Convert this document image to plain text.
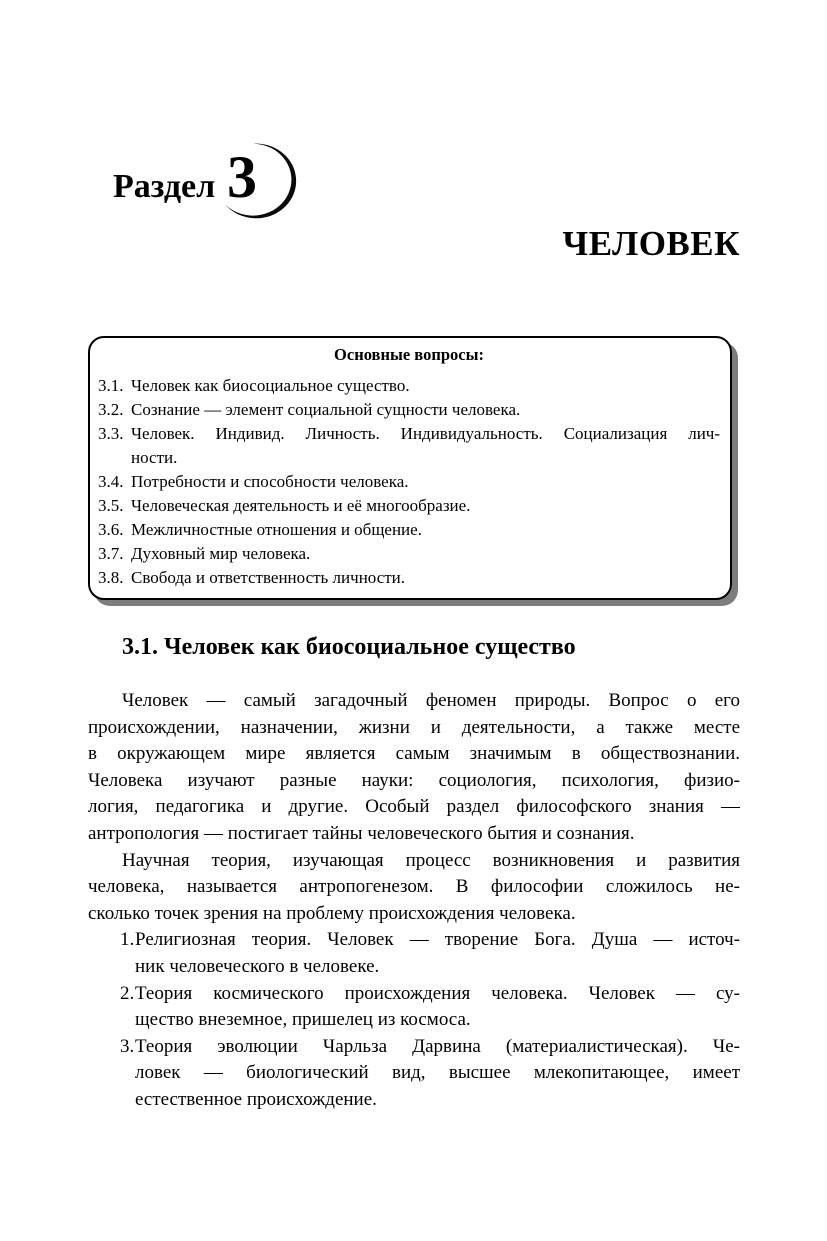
Раздел 3
ЧЕЛОВЕК
Основные вопросы:
3.1. Человек как биосоциальное существо.
3.2. Сознание — элемент социальной сущности человека.
3.3. Человек. Индивид. Личность. Индивидуальность. Социализация лич-
ности.
3.4. Потребности и способности человека.
3.5. Человеческая деятельность и её многообразие.
3.6. Межличностные отношения и общение.
3.7. Духовный мир человека.
3.8. Свобода и ответственность личности.
3.1. Человек как биосоциальное существо
Человек — самый загадочный феномен природы. Вопрос о его
происхождении, назначении, жизни и деятельности, а также месте
в окружающем мире является самым значимым в обществознании.
Человека изучают разные науки: социология, психология, физио-
логия, педагогика и другие. Особый раздел философского знания —
антропология — постигает тайны человеческого бытия и сознания.
Научная теория, изучающая процесс возникновения и развития
человека, называется антропогенезом. В философии сложилось не-
сколько точек зрения на проблему происхождения человека.
1. Религиозная теория. Человек — творение Бога. Душа — источ-
ник человеческого в человеке.
2. Теория космического происхождения человека. Человек — су-
щество внеземное, пришелец из космоса.
3. Теория эволюции Чарльза Дарвина (материалистическая). Че-
ловек — биологический вид, высшее млекопитающее, имеет
естественное происхождение.
